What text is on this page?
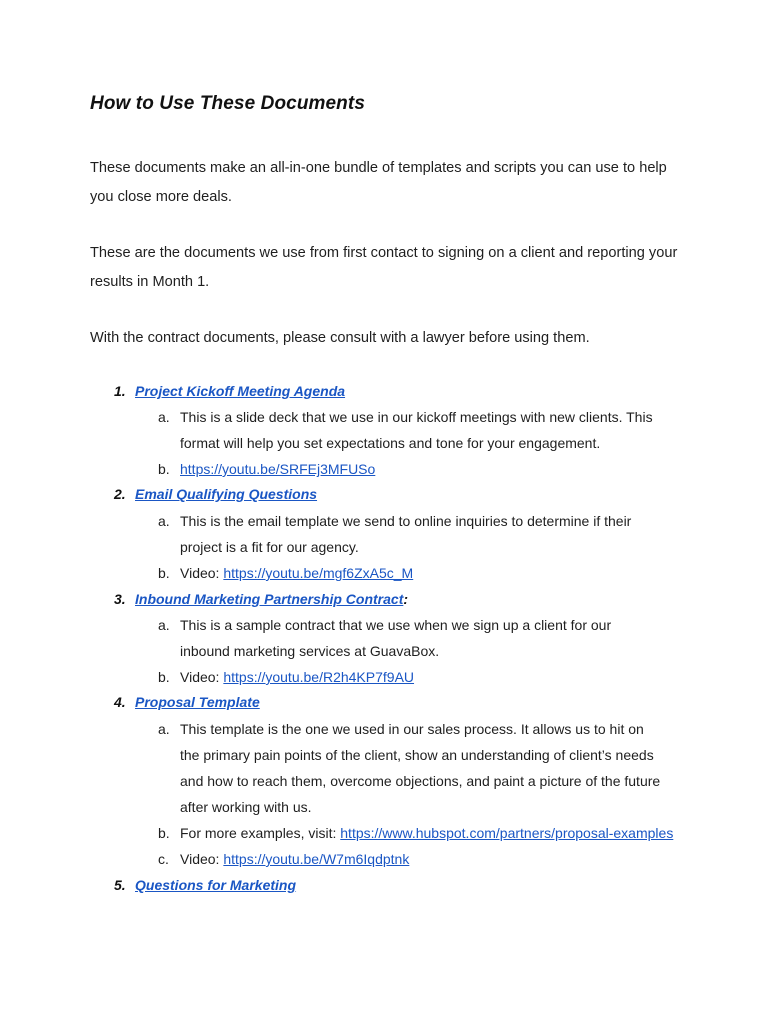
How to Use These Documents

These documents make an all-in-one bundle of templates and scripts you can use to help you close more deals.

These are the documents we use from first contact to signing on a client and reporting your results in Month 1.

With the contract documents, please consult with a lawyer before using them.

1. Project Kickoff Meeting Agenda
a. This is a slide deck that we use in our kickoff meetings with new clients. This format will help you set expectations and tone for your engagement.
b. https://youtu.be/SRFEj3MFUSo
2. Email Qualifying Questions
a. This is the email template we send to online inquiries to determine if their project is a fit for our agency.
b. Video: https://youtu.be/mgf6ZxA5c_M
3. Inbound Marketing Partnership Contract:
a. This is a sample contract that we use when we sign up a client for our inbound marketing services at GuavaBox.
b. Video: https://youtu.be/R2h4KP7f9AU
4. Proposal Template
a. This template is the one we used in our sales process. It allows us to hit on the primary pain points of the client, show an understanding of client’s needs and how to reach them, overcome objections, and paint a picture of the future after working with us.
b. For more examples, visit: https://www.hubspot.com/partners/proposal-examples
c. Video: https://youtu.be/W7m6Iqdptnk
5. Questions for Marketing
